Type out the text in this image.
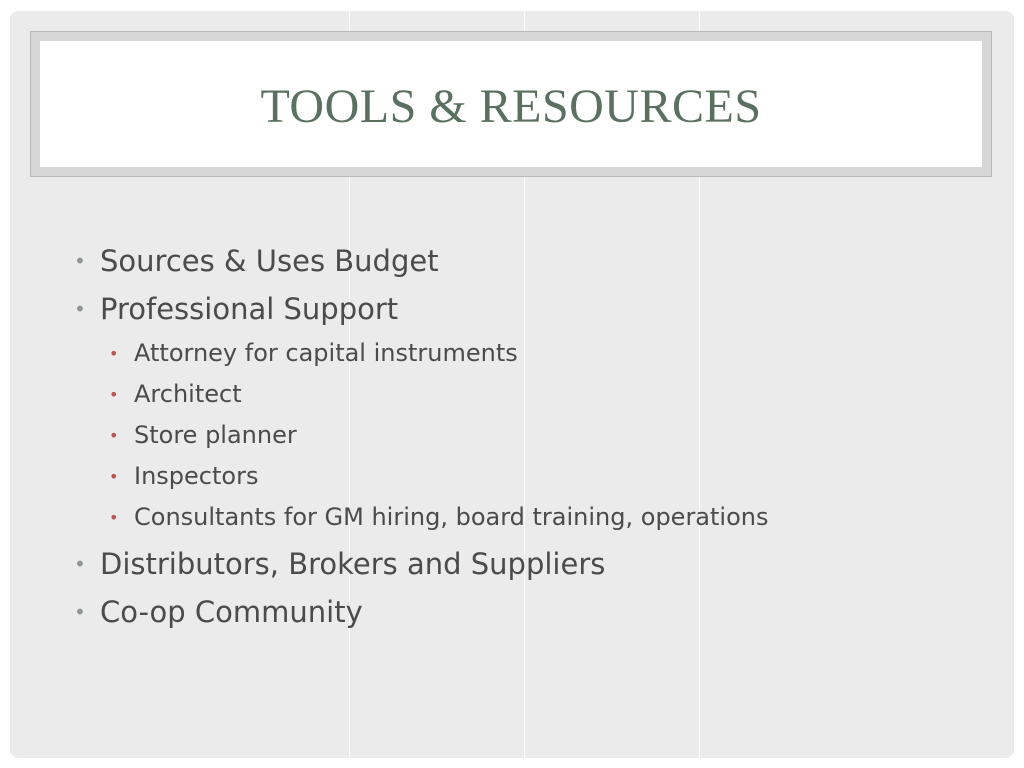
TOOLS & RESOURCES
• Sources & Uses Budget
• Professional Support
• Attorney for capital instruments
• Architect
• Store planner
• Inspectors
• Consultants for GM hiring, board training, operations
• Distributors, Brokers and Suppliers
• Co-op Community
